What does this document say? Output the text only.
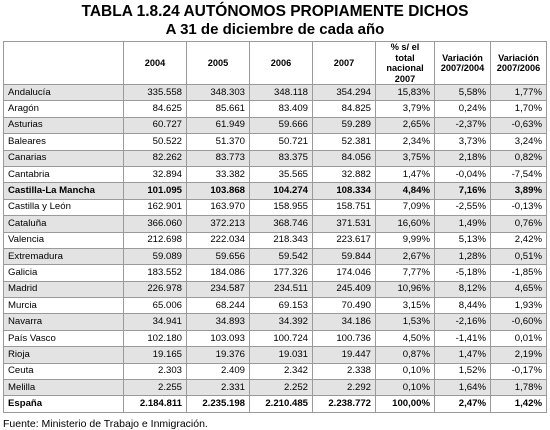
TABLA 1.8.24 AUTÓNOMOS PROPIAMENTE DICHOS
A 31 de diciembre de cada año
	2004	2005	2006	2007	% s/ el total nacional 2007	Variación 2007/2004	Variación 2007/2006
Andalucía	335.558	348.303	348.118	354.294	15,83%	5,58%	1,77%
Aragón	84.625	85.661	83.409	84.825	3,79%	0,24%	1,70%
Asturias	60.727	61.949	59.666	59.289	2,65%	-2,37%	-0,63%
Baleares	50.522	51.370	50.721	52.381	2,34%	3,73%	3,24%
Canarias	82.262	83.773	83.375	84.056	3,75%	2,18%	0,82%
Cantabria	32.894	33.382	35.565	32.882	1,47%	-0,04%	-7,54%
Castilla-La Mancha	101.095	103.868	104.274	108.334	4,84%	7,16%	3,89%
Castilla y León	162.901	163.970	158.955	158.751	7,09%	-2,55%	-0,13%
Cataluña	366.060	372.213	368.746	371.531	16,60%	1,49%	0,76%
Valencia	212.698	222.034	218.343	223.617	9,99%	5,13%	2,42%
Extremadura	59.089	59.656	59.542	59.844	2,67%	1,28%	0,51%
Galicia	183.552	184.086	177.326	174.046	7,77%	-5,18%	-1,85%
Madrid	226.978	234.587	234.511	245.409	10,96%	8,12%	4,65%
Murcia	65.006	68.244	69.153	70.490	3,15%	8,44%	1,93%
Navarra	34.941	34.893	34.392	34.186	1,53%	-2,16%	-0,60%
País Vasco	102.180	103.093	100.724	100.736	4,50%	-1,41%	0,01%
Rioja	19.165	19.376	19.031	19.447	0,87%	1,47%	2,19%
Ceuta	2.303	2.409	2.342	2.338	0,10%	1,52%	-0,17%
Melilla	2.255	2.331	2.252	2.292	0,10%	1,64%	1,78%
España	2.184.811	2.235.198	2.210.485	2.238.772	100,00%	2,47%	1,42%
Fuente: Ministerio de Trabajo e Inmigración.
